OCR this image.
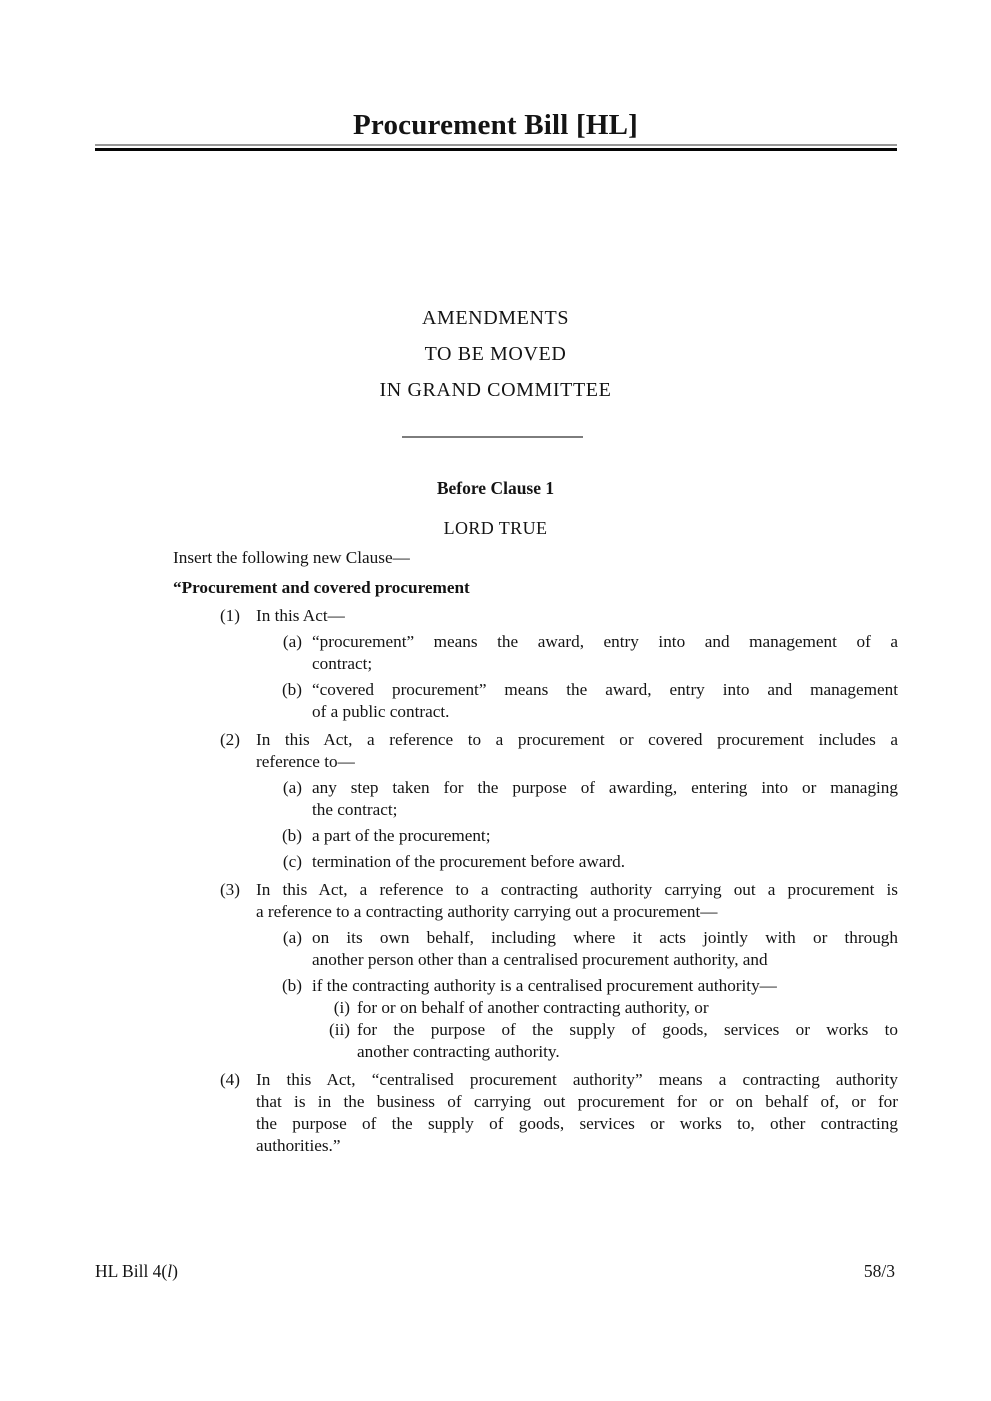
Procurement Bill [HL]
AMENDMENTS
TO BE MOVED
IN GRAND COMMITTEE
Before Clause 1
LORD TRUE
Insert the following new Clause—
“Procurement and covered procurement
(1) In this Act—
(a) “procurement” means the award, entry into and management of a
contract;
(b) “covered procurement” means the award, entry into and management
of a public contract.
(2) In this Act, a reference to a procurement or covered procurement includes a
reference to—
(a) any step taken for the purpose of awarding, entering into or managing
the contract;
(b) a part of the procurement;
(c) termination of the procurement before award.
(3) In this Act, a reference to a contracting authority carrying out a procurement is
a reference to a contracting authority carrying out a procurement—
(a) on its own behalf, including where it acts jointly with or through
another person other than a centralised procurement authority, and
(b) if the contracting authority is a centralised procurement authority—
(i) for or on behalf of another contracting authority, or
(ii) for the purpose of the supply of goods, services or works to
another contracting authority.
(4) In this Act, “centralised procurement authority” means a contracting authority
that is in the business of carrying out procurement for or on behalf of, or for
the purpose of the supply of goods, services or works to, other contracting
authorities.”
HL Bill 4(l)	58/3
